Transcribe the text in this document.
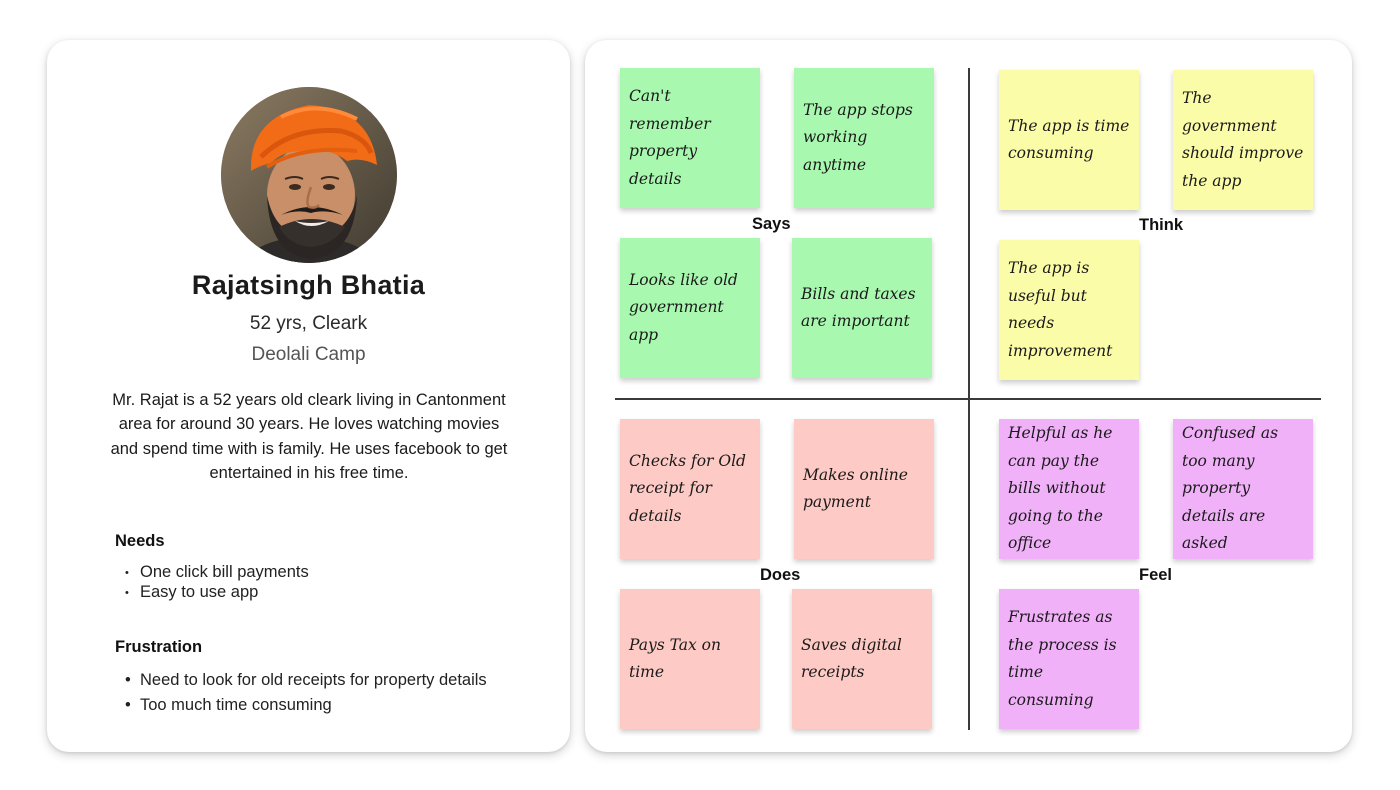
Rajatsingh Bhatia
52 yrs, Cleark
Deolali Camp
Mr. Rajat is a 52 years old cleark living in Cantonment area for around 30 years. He loves watching movies and spend time with is family. He uses facebook to get entertained in his free time.
Needs
• One click bill payments
• Easy to use app
Frustration
• Need to look for old receipts for property details
• Too much time consuming
Can't remember property details
The app stops working anytime
Says
Looks like old government app
Bills and taxes are important
The app is time consuming
The government should improve the app
Think
The app is useful but needs improvement
Checks for Old receipt for details
Makes online payment
Does
Pays Tax on time
Saves digital receipts
Helpful as he can pay the bills without going to the office
Confused as too many property details are asked
Feel
Frustrates as the process is time consuming
